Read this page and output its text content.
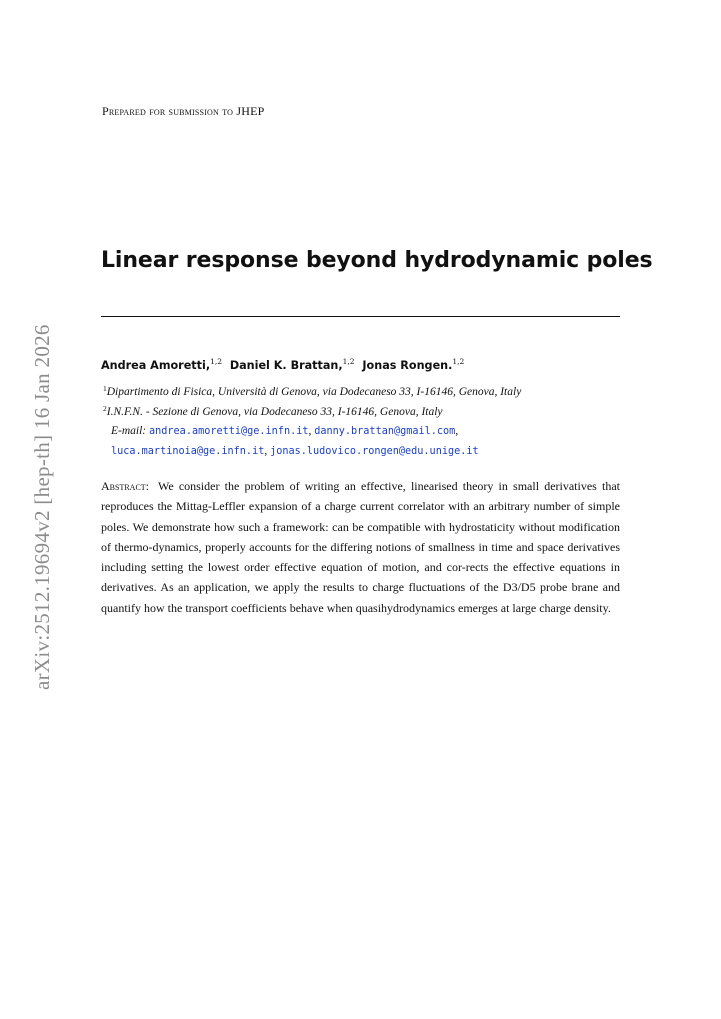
Prepared for submission to JHEP
arXiv:2512.19694v2 [hep-th] 16 Jan 2026
Linear response beyond hydrodynamic poles
Andrea Amoretti,$^{1,2}$ Daniel K. Brattan,$^{1,2}$ Jonas Rongen.$^{1,2}$
$^1$Dipartimento di Fisica, Università di Genova, via Dodecaneso 33, I-16146, Genova, Italy
$^2$I.N.F.N. - Sezione di Genova, via Dodecaneso 33, I-16146, Genova, Italy
E-mail: andrea.amoretti@ge.infn.it, danny.brattan@gmail.com,
luca.martinoia@ge.infn.it, jonas.ludovico.rongen@edu.unige.it

Abstract: We consider the problem of writing an effective, linearised theory in small derivatives that reproduces the Mittag-Leffler expansion of a charge current correlator with an arbitrary number of simple poles. We demonstrate how such a framework: can be compatible with hydrostaticity without modification of thermo-dynamics, properly accounts for the differing notions of smallness in time and space derivatives including setting the lowest order effective equation of motion, and cor-rects the effective equations in derivatives. As an application, we apply the results to charge fluctuations of the D3/D5 probe brane and quantify how the transport coefficients behave when quasihydrodynamics emerges at large charge density.
